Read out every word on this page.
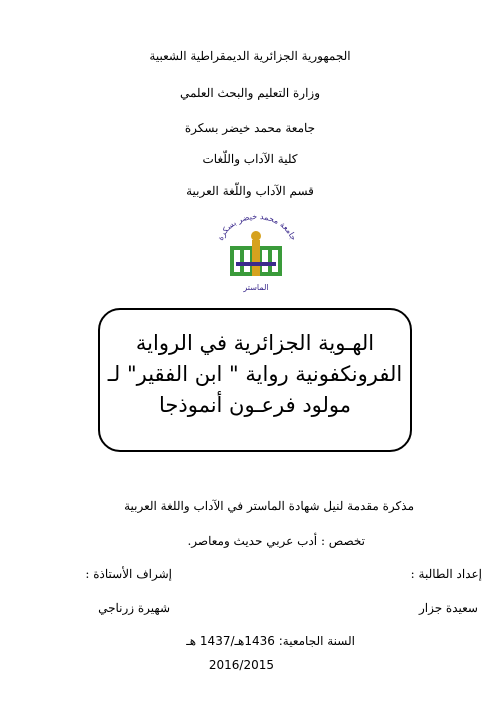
الجمهورية الجزائرية الديمقراطية الشعبية
وزارة التعليم والبحث العلمي
جامعة محمد خيضر بسكرة
كلية الآداب واللّغات
قسم الآداب واللّغة العربية
جامعة محمد خيضر بسكرة
الماستر
الهـوية الجزائرية في الرواية
الفرونكفونية رواية " ابن الفقير" لـ
مولود فرعـون أنموذجا
مذكرة مقدمة لنيل شهادة الماستر في الآداب واللغة العربية
تخصص : أدب عربي حديث ومعاصر.
إعداد الطالبة :
إشراف الأستاذة :
سعيدة جزار
شهيرة زرناجي
السنة الجامعية: 1436هـ/1437 هـ
2016/2015
